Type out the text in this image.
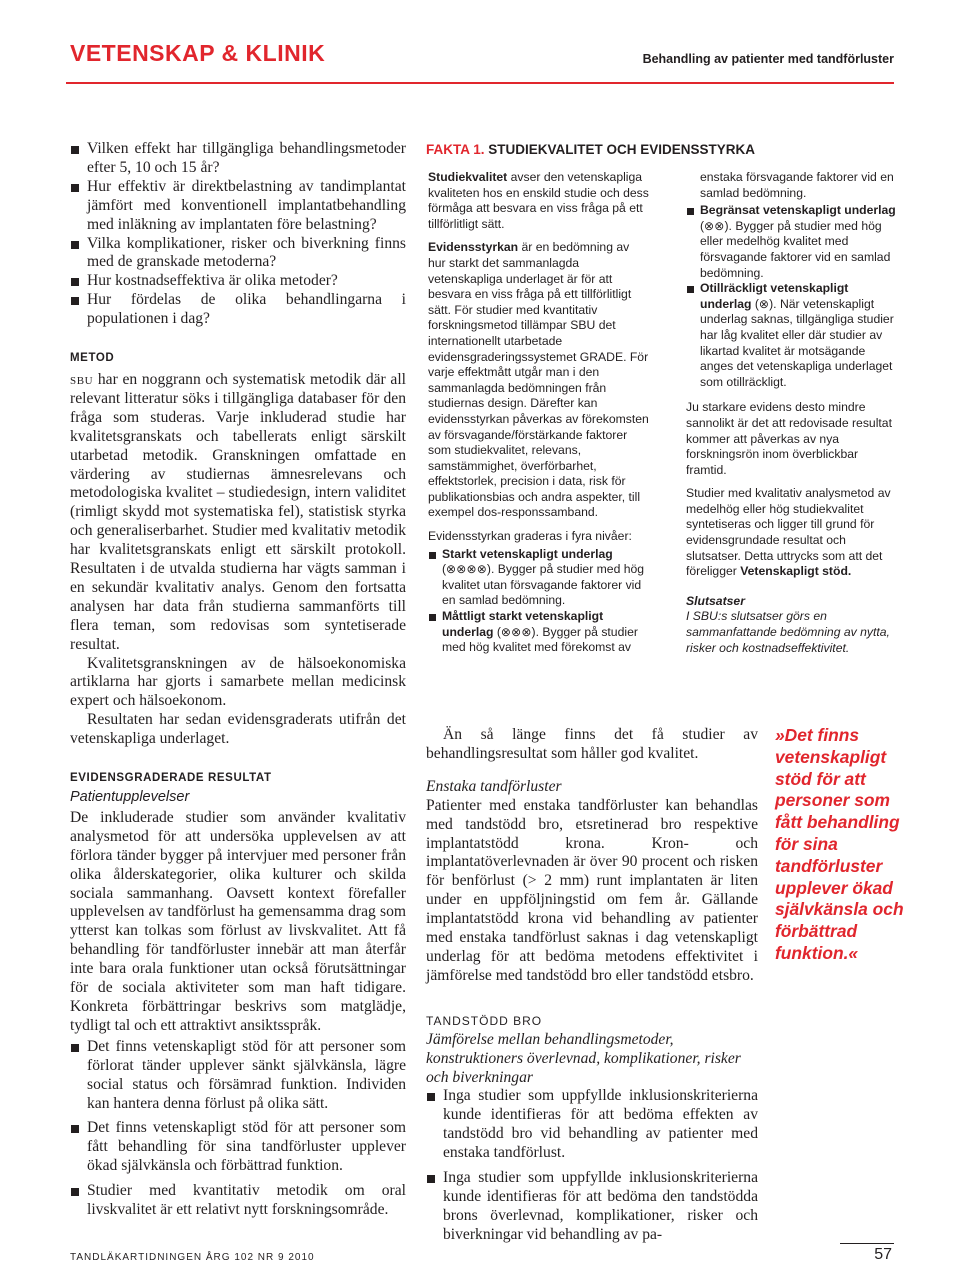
VETENSKAP & KLINIK	Behandling av patienter med tandförluster
Vilken effekt har tillgängliga behandlingsmetoder efter 5, 10 och 15 år?
Hur effektiv är direktbelastning av tandimplantat jämfört med konventionell implantatbehandling med inläkning av implantaten före belastning?
Vilka komplikationer, risker och biverkning finns med de granskade metoderna?
Hur kostnadseffektiva är olika metoder?
Hur fördelas de olika behandlingarna i populationen i dag?
METOD

sbu har en noggrann och systematisk metodik där all relevant litteratur söks i tillgängliga databaser för den fråga som studeras. Varje inkluderad studie har kvalitetsgranskats och tabellerats enligt särskilt utarbetad metodik. Granskningen omfattade en värdering av studiernas ämnesrelevans och metodologiska kvalitet – studiedesign, intern validitet (rimligt skydd mot systematiska fel), statistisk styrka och generaliserbarhet. Studier med kvalitativ metodik har kvalitetsgranskats enligt ett särskilt protokoll. Resultaten i de utvalda studierna har vägts samman i en sekundär kvalitativ analys. Genom den fortsatta analysen har data från studierna sammanförts till flera teman, som redovisas som syntetiserade resultat.

Kvalitetsgranskningen av de hälsoekonomiska artiklarna har gjorts i samarbete mellan medicinsk expert och hälsoekonom.

Resultaten har sedan evidensgraderats utifrån det vetenskapliga underlaget.

EVIDENSGRADERADE RESULTAT
Patientupplevelser

De inkluderade studier som använder kvalitativ analysmetod för att undersöka upplevelsen av att förlora tänder bygger på intervjuer med personer från olika ålderskategorier, olika kulturer och skilda sociala sammanhang. Oavsett kontext förefaller upplevelsen av tandförlust ha gemensamma drag som ytterst kan tolkas som förlust av livskvalitet. Att få behandling för tandförluster innebär att man återfår inte bara orala funktioner utan också förutsättningar för de sociala aktiviteter som man haft tidigare. Konkreta förbättringar beskrivs som matglädje, tydligt tal och ett attraktivt ansiktsspråk.

Det finns vetenskapligt stöd för att personer som förlorat tänder upplever sänkt självkänsla, lägre social status och försämrad funktion. Individen kan hantera denna förlust på olika sätt.
Det finns vetenskapligt stöd för att personer som fått behandling för sina tandförluster upplever ökad självkänsla och förbättrad funktion.
Studier med kvantitativ metodik om oral livskvalitet är ett relativt nytt forskningsområde.
FAKTA 1. STUDIEKVALITET OCH EVIDENSSTYRKA

Studiekvalitet avser den vetenskapliga kvaliteten hos en enskild studie och dess förmåga att besvara en viss fråga på ett tillförlitligt sätt.

Evidensstyrkan är en bedömning av hur starkt det sammanlagda vetenskapliga underlaget är för att besvara en viss fråga på ett tillförlitligt sätt. För studier med kvantitativ forskningsmetod tillämpar SBU det internationellt utarbetade evidensgraderingssystemet GRADE. För varje effektmått utgår man i den sammanlagda bedömningen från studiernas design. Därefter kan evidensstyrkan påverkas av förekomsten av försvagande/förstärkande faktorer som studiekvalitet, relevans, samstämmighet, överförbarhet, effektstorlek, precision i data, risk för publikationsbias och andra aspekter, till exempel dos-responssamband.

Evidensstyrkan graderas i fyra nivåer:

Starkt vetenskapligt underlag (⊗⊗⊗⊗). Bygger på studier med hög kvalitet utan försvagande faktorer vid en samlad bedömning.
Måttligt starkt vetenskapligt underlag (⊗⊗⊗). Bygger på studier med hög kvalitet med förekomst av

enstaka försvagande faktorer vid en samlad bedömning.

Begränsat vetenskapligt underlag (⊗⊗). Bygger på studier med hög eller medelhög kvalitet med försvagande faktorer vid en samlad bedömning.
Otillräckligt vetenskapligt underlag (⊗). När vetenskapligt underlag saknas, tillgängliga studier har låg kvalitet eller där studier av likartad kvalitet är motsägande anges det vetenskapliga underlaget som otillräckligt.

Ju starkare evidens desto mindre sannolikt är det att redovisade resultat kommer att påverkas av nya forskningsrön inom överblickbar framtid.

Studier med kvalitativ analysmetod av medelhög eller hög studiekvalitet syntetiseras och ligger till grund för evidensgrundade resultat och slutsatser. Detta uttrycks som att det föreligger Vetenskapligt stöd.

Slutsatser

I SBU:s slutsatser görs en sammanfattande bedömning av nytta, risker och kostnadseffektivitet.

Än så länge finns det få studier av behandlingsresultat som håller god kvalitet.

Enstaka tandförluster

Patienter med enstaka tandförluster kan behandlas med tandstödd bro, etsretinerad bro respektive implantatstödd krona. Kron- och implantatöverlevnaden är över 90 procent och risken för benförlust (> 2 mm) runt implantaten är liten under en uppföljningstid om fem år. Gällande implantatstödd krona vid behandling av patienter med enstaka tandförlust saknas i dag vetenskapligt underlag för att bedöma metodens effektivitet i jämförelse med tandstödd bro eller tandstödd etsbro.

TANDSTÖDD BRO

Jämförelse mellan behandlingsmetoder, konstruktioners överlevnad, komplikationer, risker och biverkningar

Inga studier som uppfyllde inklusionskriterierna kunde identifieras för att bedöma effekten av tandstödd bro vid behandling av patienter med enstaka tandförlust.
Inga studier som uppfyllde inklusionskriterierna kunde identifieras för att bedöma den tandstödda brons överlevnad, komplikationer, risker och biverkningar vid behandling av pa-
»Det finns vetenskapligt stöd för att personer som fått behandling för sina tandförluster upplever ökad självkänsla och förbättrad funktion.«
TANDLÄKARTIDNINGEN ÅRG 102 NR 9 2010	57
